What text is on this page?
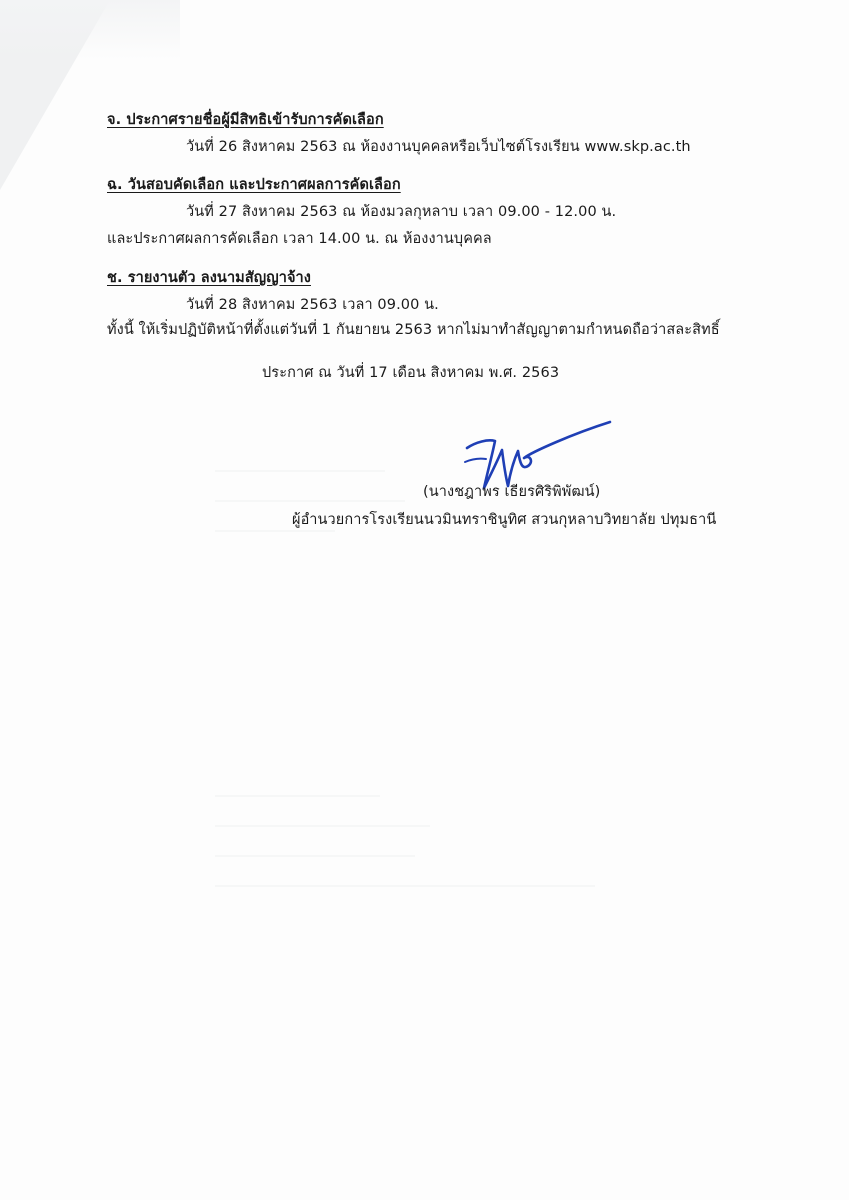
จ. ประกาศรายชื่อผู้มีสิทธิเข้ารับการคัดเลือก
วันที่ 26 สิงหาคม 2563 ณ ห้องงานบุคคลหรือเว็บไซต์โรงเรียน www.skp.ac.th
ฉ. วันสอบคัดเลือก และประกาศผลการคัดเลือก
วันที่ 27 สิงหาคม 2563 ณ ห้องมวลกุหลาบ เวลา 09.00 - 12.00 น.
และประกาศผลการคัดเลือก เวลา 14.00 น. ณ ห้องงานบุคคล
ช. รายงานตัว ลงนามสัญญาจ้าง
วันที่ 28 สิงหาคม 2563 เวลา 09.00 น.
ทั้งนี้ ให้เริ่มปฏิบัติหน้าที่ตั้งแต่วันที่ 1 กันยายน 2563 หากไม่มาทำสัญญาตามกำหนดถือว่าสละสิทธิ์
ประกาศ ณ วันที่ 17 เดือน สิงหาคม พ.ศ. 2563
(นางชฎาพร เธียรศิริพิพัฒน์)
ผู้อำนวยการโรงเรียนนวมินทราชินูทิศ สวนกุหลาบวิทยาลัย ปทุมธานี
